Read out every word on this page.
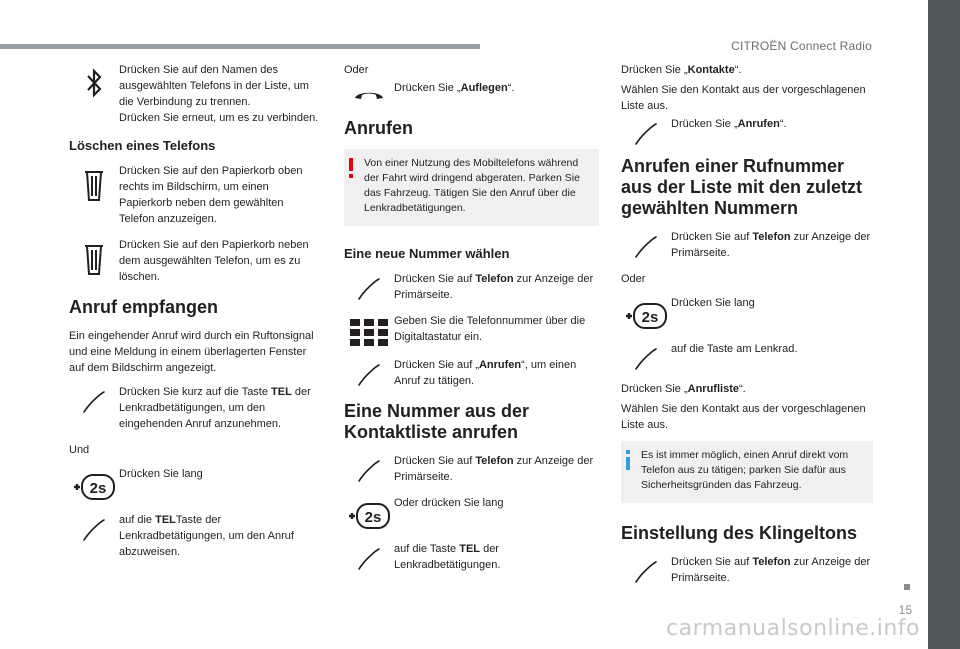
CITROËN Connect Radio
15
carmanualsonline.info
Drücken Sie auf den Namen des ausgewählten Telefons in der Liste, um die Verbindung zu trennen.
Drücken Sie erneut, um es zu verbinden.
Löschen eines Telefons
Drücken Sie auf den Papierkorb oben rechts im Bildschirm, um einen Papierkorb neben dem gewählten Telefon anzuzeigen.
Drücken Sie auf den Papierkorb neben dem ausgewählten Telefon, um es zu löschen.
Anruf empfangen

Ein eingehender Anruf wird durch ein Ruftonsignal und eine Meldung in einem überlagerten Fenster auf dem Bildschirm angezeigt.

Drücken Sie kurz auf die Taste TEL der Lenkradbetätigungen, um den eingehenden Anruf anzunehmen.
Und
2s
Drücken Sie lang
auf die TELTaste der Lenkradbetätigungen, um den Anruf abzuweisen.
Oder
Drücken Sie „Auflegen“.
Anrufen
Von einer Nutzung des Mobiltelefons während der Fahrt wird dringend abgeraten. Parken Sie das Fahrzeug. Tätigen Sie den Anruf über die Lenkradbetätigungen.
Eine neue Nummer wählen
Drücken Sie auf Telefon zur Anzeige der Primärseite.
Geben Sie die Telefonnummer über die Digitaltastatur ein.
Drücken Sie auf „Anrufen“, um einen Anruf zu tätigen.
Eine Nummer aus der Kontaktliste anrufen
Drücken Sie auf Telefon zur Anzeige der Primärseite.
2s
Oder drücken Sie lang
auf die Taste TEL der Lenkradbetätigungen.
Drücken Sie „Kontakte“.
Wählen Sie den Kontakt aus der vorgeschlagenen Liste aus.
Drücken Sie „Anrufen“.
Anrufen einer Rufnummer aus der Liste mit den zuletzt gewählten Nummern
Drücken Sie auf Telefon zur Anzeige der Primärseite.
Oder
2s
Drücken Sie lang
auf die Taste am Lenkrad.
Drücken Sie „Anrufliste“.
Wählen Sie den Kontakt aus der vorgeschlagenen Liste aus.
Es ist immer möglich, einen Anruf direkt vom Telefon aus zu tätigen; parken Sie dafür aus Sicherheitsgründen das Fahrzeug.
Einstellung des Klingeltons
Drücken Sie auf Telefon zur Anzeige der Primärseite.
